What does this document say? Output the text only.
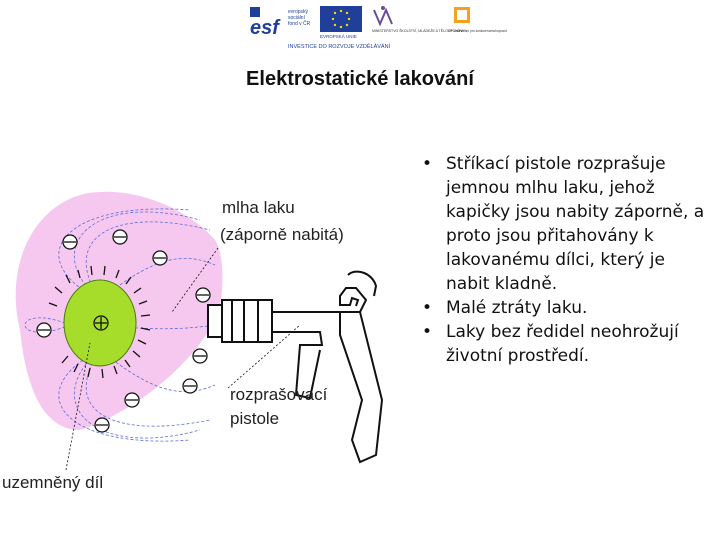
esf
evropský
sociální
fond v ČR
EVROPSKÁ UNIE
MINISTERSTVO ŠKOLSTVÍ, MLÁDEŽE A TĚLOVÝCHOVY
OP Vzdělávání pro konkurenceschopnost
INVESTICE DO ROZVOJE VZDĚLÁVÁNÍ
Elektrostatické lakování
mlha laku
(záporně nabitá)
rozprašovací
pistole
uzemněný díl
• Stříkací pistole rozprašuje jemnou mlhu laku, jehož kapičky jsou nabity záporně, a proto jsou přitahovány k lakovanému dílci, který je nabit kladně.
• Malé ztráty laku.
• Laky bez ředidel neohrožují životní prostředí.
